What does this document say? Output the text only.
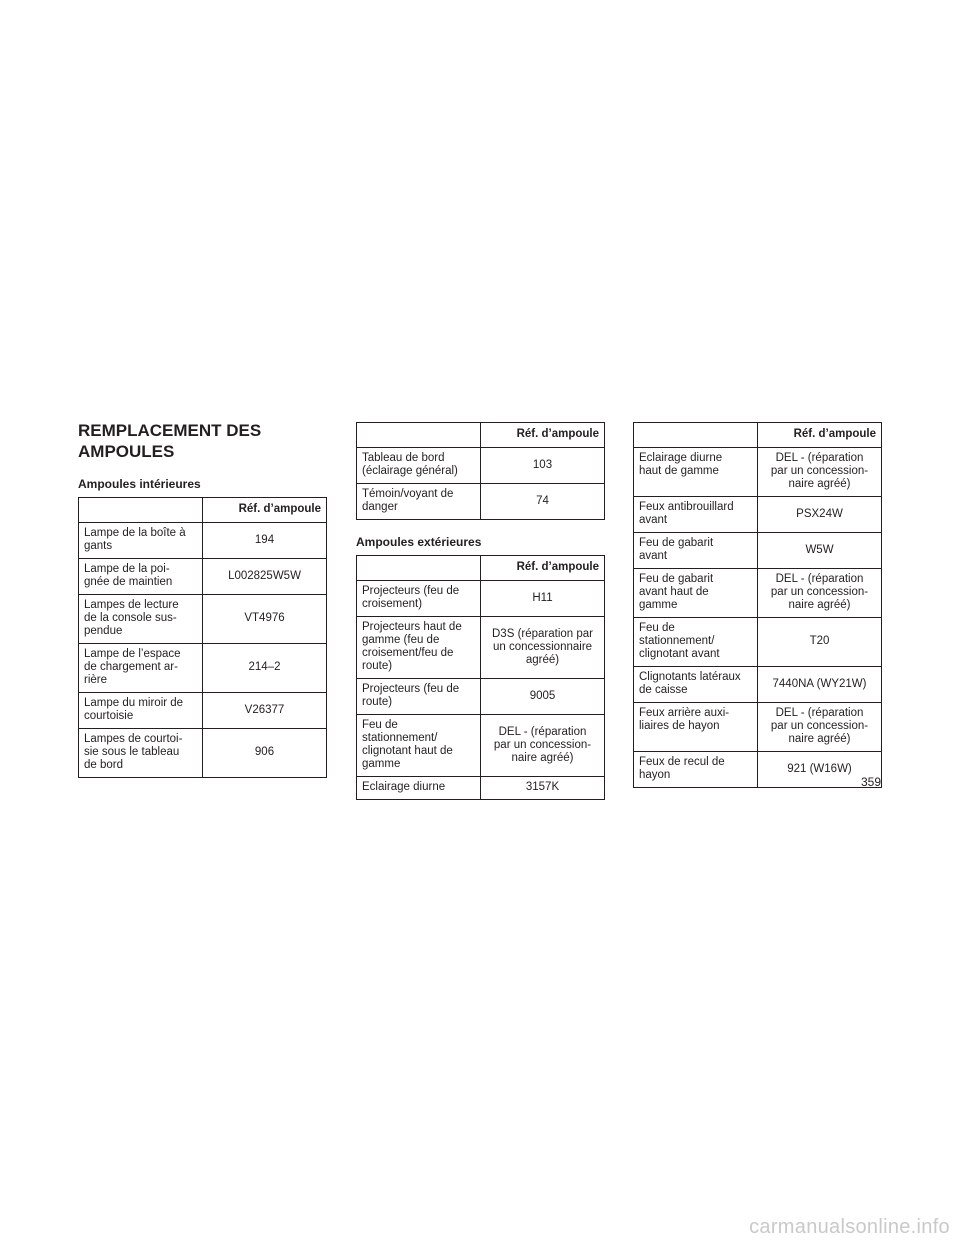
REMPLACEMENT DES
AMPOULES

Ampoules intérieures

	Réf. d’ampoule
Lampe de la boîte à
gants	194

Lampe de la poi-
gnée de maintien	L002825W5W

Lampes de lecture
de la console sus-
pendue	VT4976

Lampe de l’espace
de chargement ar-
rière	214–2

Lampe du miroir de
courtoisie	V26377

Lampes de courtoi-
sie sous le tableau
de bord	906
	Réf. d’ampoule
Tableau de bord
(éclairage général)	103

Témoin/voyant de
danger	74

Ampoules extérieures

	Réf. d’ampoule
Projecteurs (feu de
croisement)	H11

Projecteurs haut de
gamme (feu de
croisement/feu de
route)	D3S (réparation par
un concessionnaire
agréé)

Projecteurs (feu de
route)	9005

Feu de
stationnement/
clignotant haut de
gamme	DEL - (réparation
par un concession-
naire agréé)

Eclairage diurne	3157K
	Réf. d’ampoule
Eclairage diurne
haut de gamme	DEL - (réparation
par un concession-
naire agréé)

Feux antibrouillard
avant	PSX24W

Feu de gabarit
avant	W5W

Feu de gabarit
avant haut de
gamme	DEL - (réparation
par un concession-
naire agréé)

Feu de
stationnement/
clignotant avant	T20

Clignotants latéraux
de caisse	7440NA (WY21W)

Feux arrière auxi-
liaires de hayon	DEL - (réparation
par un concession-
naire agréé)

Feux de recul de
hayon	921 (W16W)
359
carmanualsonline.info
